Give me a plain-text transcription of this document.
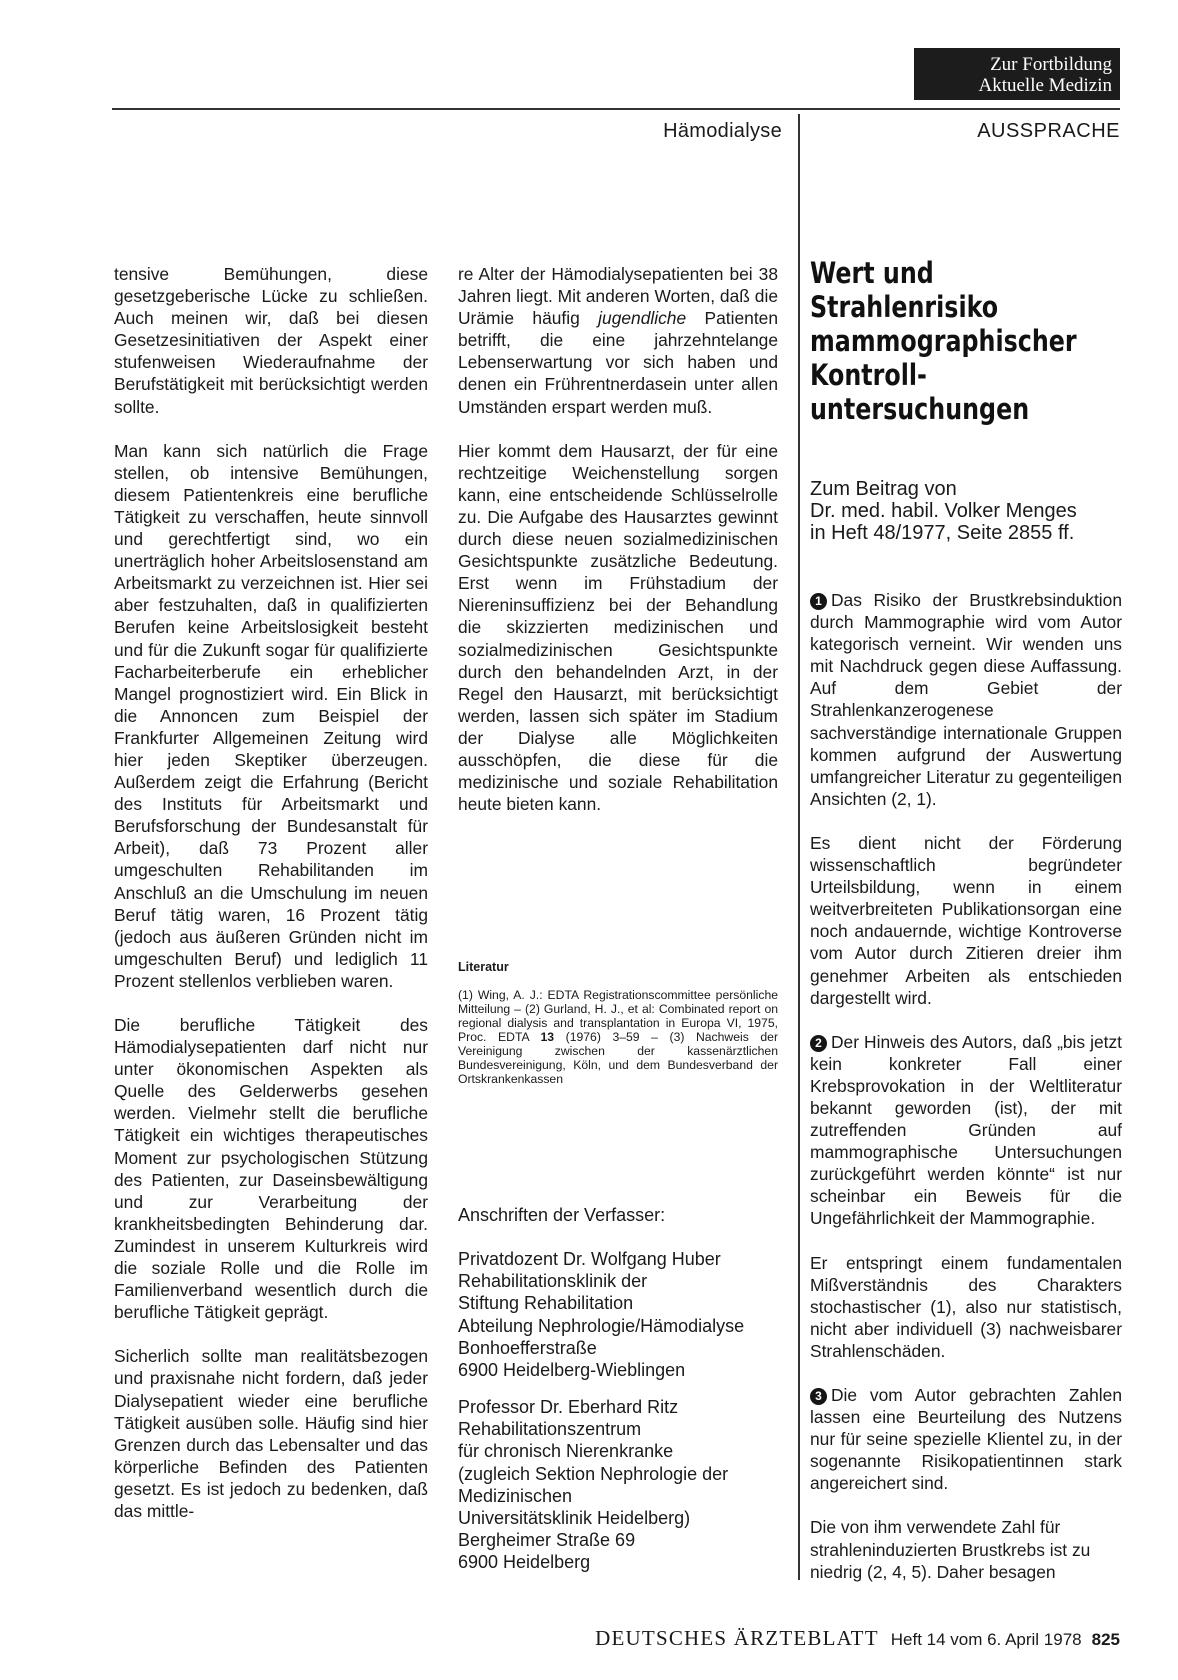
Zur Fortbildung
Aktuelle Medizin
Hämodialyse	AUSSPRACHE

tensive Bemühungen, diese gesetzgeberische Lücke zu schließen. Auch meinen wir, daß bei diesen Gesetzesinitiativen der Aspekt einer stufenweisen Wiederaufnahme der Berufstätigkeit mit berücksichtigt werden sollte.

Man kann sich natürlich die Frage stellen, ob intensive Bemühungen, diesem Patientenkreis eine berufliche Tätigkeit zu verschaffen, heute sinnvoll und gerechtfertigt sind, wo ein unerträglich hoher Arbeitslosenstand am Arbeitsmarkt zu verzeichnen ist. Hier sei aber festzuhalten, daß in qualifizierten Berufen keine Arbeitslosigkeit besteht und für die Zukunft sogar für qualifizierte Facharbeiterberufe ein erheblicher Mangel prognostiziert wird. Ein Blick in die Annoncen zum Beispiel der Frankfurter Allgemeinen Zeitung wird hier jeden Skeptiker überzeugen. Außerdem zeigt die Erfahrung (Bericht des Instituts für Arbeitsmarkt und Berufsforschung der Bundesanstalt für Arbeit), daß 73 Prozent aller umgeschulten Rehabilitanden im Anschluß an die Umschulung im neuen Beruf tätig waren, 16 Prozent tätig (jedoch aus äußeren Gründen nicht im umgeschulten Beruf) und lediglich 11 Prozent stellenlos verblieben waren.

Die berufliche Tätigkeit des Hämodialysepatienten darf nicht nur unter ökonomischen Aspekten als Quelle des Gelderwerbs gesehen werden. Vielmehr stellt die berufliche Tätigkeit ein wichtiges therapeutisches Moment zur psychologischen Stützung des Patienten, zur Daseinsbewältigung und zur Verarbeitung der krankheitsbedingten Behinderung dar. Zumindest in unserem Kulturkreis wird die soziale Rolle und die Rolle im Familienverband wesentlich durch die berufliche Tätigkeit geprägt.

Sicherlich sollte man realitätsbezogen und praxisnahe nicht fordern, daß jeder Dialysepatient wieder eine berufliche Tätigkeit ausüben solle. Häufig sind hier Grenzen durch das Lebensalter und das körperliche Befinden des Patienten gesetzt. Es ist jedoch zu bedenken, daß das mittle-

re Alter der Hämodialysepatienten bei 38 Jahren liegt. Mit anderen Worten, daß die Urämie häufig jugendliche Patienten betrifft, die eine jahrzehntelange Lebenserwartung vor sich haben und denen ein Frührentnerdasein unter allen Umständen erspart werden muß.

Hier kommt dem Hausarzt, der für eine rechtzeitige Weichenstellung sorgen kann, eine entscheidende Schlüsselrolle zu. Die Aufgabe des Hausarztes gewinnt durch diese neuen sozialmedizinischen Gesichtspunkte zusätzliche Bedeutung. Erst wenn im Frühstadium der Niereninsuffizienz bei der Behandlung die skizzierten medizinischen und sozialmedizinischen Gesichtspunkte durch den behandelnden Arzt, in der Regel den Hausarzt, mit berücksichtigt werden, lassen sich später im Stadium der Dialyse alle Möglichkeiten ausschöpfen, die diese für die medizinische und soziale Rehabilitation heute bieten kann.

Literatur
(1) Wing, A. J.: EDTA Registrationscommittee persönliche Mitteilung – (2) Gurland, H. J., et al: Combinated report on regional dialysis and transplantation in Europa VI, 1975, Proc. EDTA 13 (1976) 3–59 – (3) Nachweis der Vereinigung zwischen der kassenärztlichen Bundesvereinigung, Köln, und dem Bundesverband der Ortskrankenkassen
Anschriften der Verfasser:
Privatdozent Dr. Wolfgang Huber
Rehabilitationsklinik der
Stiftung Rehabilitation
Abteilung Nephrologie/Hämodialyse
Bonhoefferstraße
6900 Heidelberg-Wieblingen
Professor Dr. Eberhard Ritz
Rehabilitationszentrum
für chronisch Nierenkranke
(zugleich Sektion Nephrologie der
Medizinischen
Universitätsklinik Heidelberg)
Bergheimer Straße 69
6900 Heidelberg
Wert und
Strahlenrisiko
mammographischer
Kontroll-
untersuchungen
Zum Beitrag von
Dr. med. habil. Volker Menges
in Heft 48/1977, Seite 2855 ff.

1 Das Risiko der Brustkrebsinduktion durch Mammographie wird vom Autor kategorisch verneint. Wir wenden uns mit Nachdruck gegen diese Auffassung. Auf dem Gebiet der Strahlenkanzerogenese sachverständige internationale Gruppen kommen aufgrund der Auswertung umfangreicher Literatur zu gegenteiligen Ansichten (2, 1).

Es dient nicht der Förderung wissenschaftlich begründeter Urteilsbildung, wenn in einem weitverbreiteten Publikationsorgan eine noch andauernde, wichtige Kontroverse vom Autor durch Zitieren dreier ihm genehmer Arbeiten als entschieden dargestellt wird.

2 Der Hinweis des Autors, daß „bis jetzt kein konkreter Fall einer Krebsprovokation in der Weltliteratur bekannt geworden (ist), der mit zutreffenden Gründen auf mammographische Untersuchungen zurückgeführt werden könnte“ ist nur scheinbar ein Beweis für die Ungefährlichkeit der Mammographie.

Er entspringt einem fundamentalen Mißverständnis des Charakters stochastischer (1), also nur statistisch, nicht aber individuell (3) nachweisbarer Strahlenschäden.

3 Die vom Autor gebrachten Zahlen lassen eine Beurteilung des Nutzens nur für seine spezielle Klientel zu, in der sogenannte Risikopatientinnen stark angereichert sind.

Die von ihm verwendete Zahl für strahleninduzierten Brustkrebs ist zu niedrig (2, 4, 5). Daher besagen

DEUTSCHES ÄRZTEBLATT Heft 14 vom 6. April 1978 825
